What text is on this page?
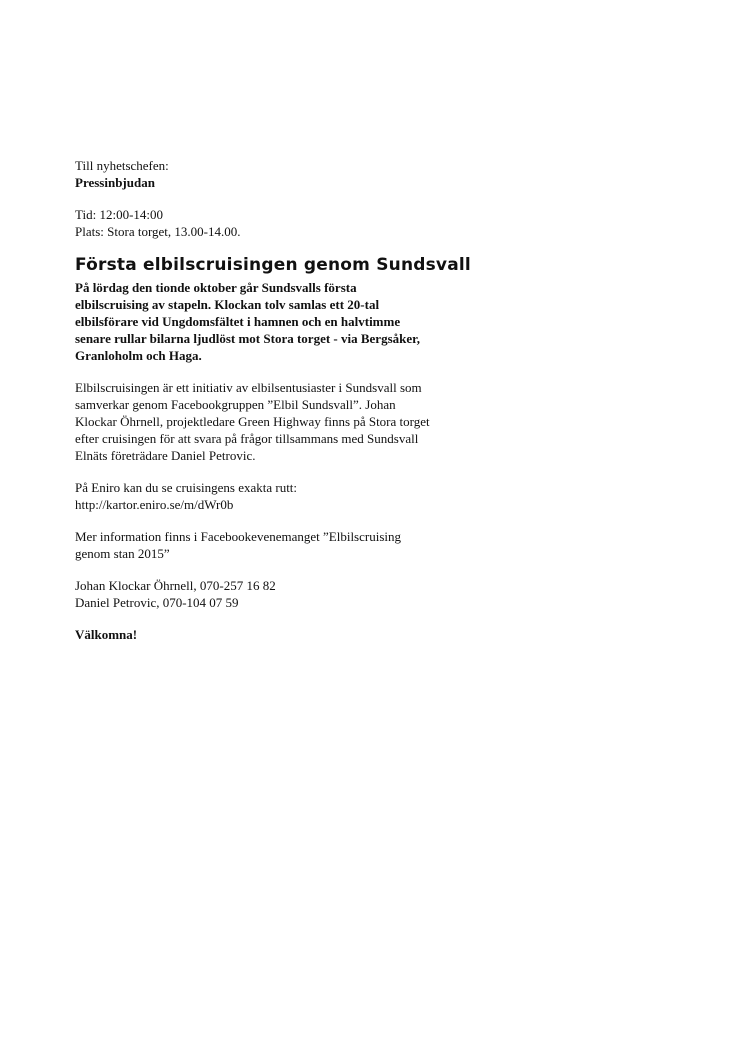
Till nyhetschefen:

Pressinbjudan

Tid: 12:00-14:00

Plats: Stora torget, 13.00-14.00.

Första elbilscruisingen genom Sundsvall

På lördag den tionde oktober går Sundsvalls första

elbilscruising av stapeln. Klockan tolv samlas ett 20-tal

elbilsförare vid Ungdomsfältet i hamnen och en halvtimme

senare rullar bilarna ljudlöst mot Stora torget - via Bergsåker,

Granloholm och Haga.

Elbilscruisingen är ett initiativ av elbilsentusiaster i Sundsvall som

samverkar genom Facebookgruppen ”Elbil Sundsvall”. Johan

Klockar Öhrnell, projektledare Green Highway finns på Stora torget

efter cruisingen för att svara på frågor tillsammans med Sundsvall

Elnäts företrädare Daniel Petrovic.

På Eniro kan du se cruisingens exakta rutt:

http://kartor.eniro.se/m/dWr0b

Mer information finns i Facebookevenemanget ”Elbilscruising

genom stan 2015”

Johan Klockar Öhrnell, 070-257 16 82

Daniel Petrovic, 070-104 07 59

Välkomna!
